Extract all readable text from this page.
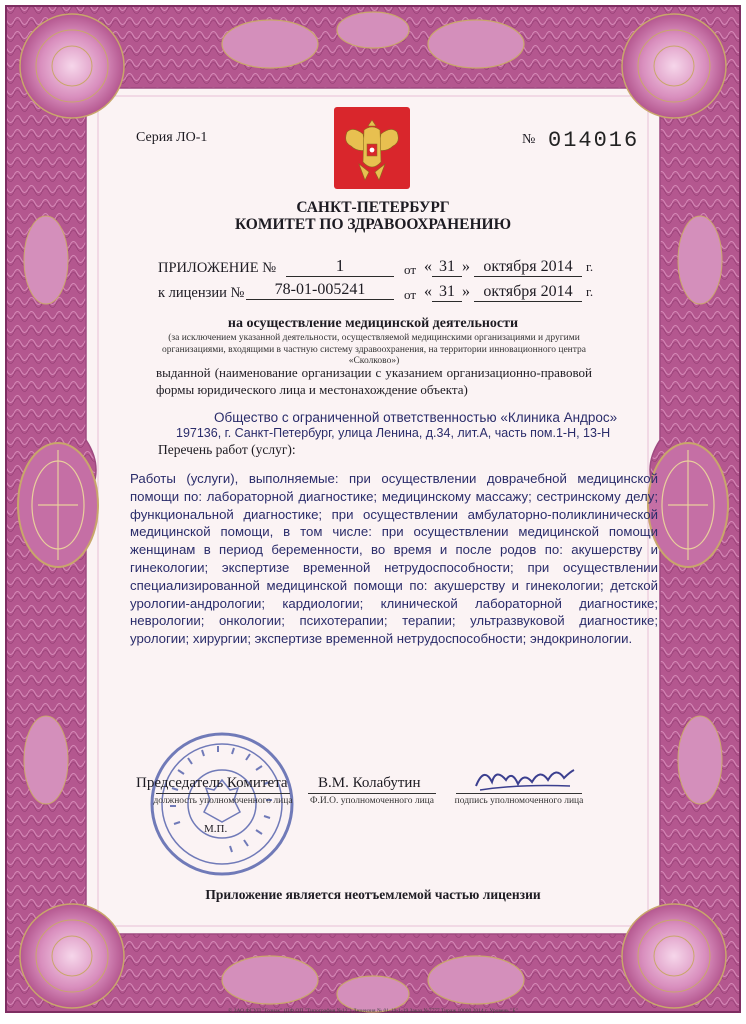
Серия ЛО-1	№ 014016
САНКТ-ПЕТЕРБУРГ
КОМИТЕТ ПО ЗДРАВООХРАНЕНИЮ
ПРИЛОЖЕНИЕ №	1	от « 31 » октября 2014 г.
к лицензии №	78-01-005241	от « 31 » октября 2014 г.
на осуществление медицинской деятельности
(за исключением указанной деятельности, осуществляемой медицинскими организациями и другими организациями, входящими в частную систему здравоохранения, на территории инновационного центра «Сколково»)
выданной (наименование организации с указанием организационно-правовой формы юридического лица и местонахождение объекта)
Общество с ограниченной ответственностью «Клиника Андрос»
197136, г. Санкт-Петербург, улица Ленина, д.34, лит.А, часть пом.1-Н, 13-Н
Перечень работ (услуг):
Работы (услуги), выполняемые: при осуществлении доврачебной медицинской помощи по: лабораторной диагностике; медицинскому массажу; сестринскому делу; функциональной диагностике; при осуществлении амбулаторно-поликлинической медицинской помощи, в том числе: при осуществлении медицинской помощи женщинам в период беременности, во время и после родов по: акушерству и гинекологии; экспертизе временной нетрудоспособности; при осуществлении специализированной медицинской помощи по: акушерству и гинекологии; детской урологии-андрологии; кардиологии; клинической лабораторной диагностике; неврологии; онкологии; психотерапии; терапии; ультразвуковой диагностике; урологии; хирургии; экспертизе временной нетрудоспособности; эндокринологии.
Председатель Комитета
должность уполномоченного лица
В.М. Колабутин
Ф.И.О. уполномоченного лица	подпись уполномоченного лица
М.П.
Приложение является неотъемлемой частью лицензии
© ЗАО ФГУП "Гознак" (ПФ ОП "Типография №12") Лицензия № 01-19-1-19 Заказ №7777 Тираж 10000 2014 г. Уровень "Б"
